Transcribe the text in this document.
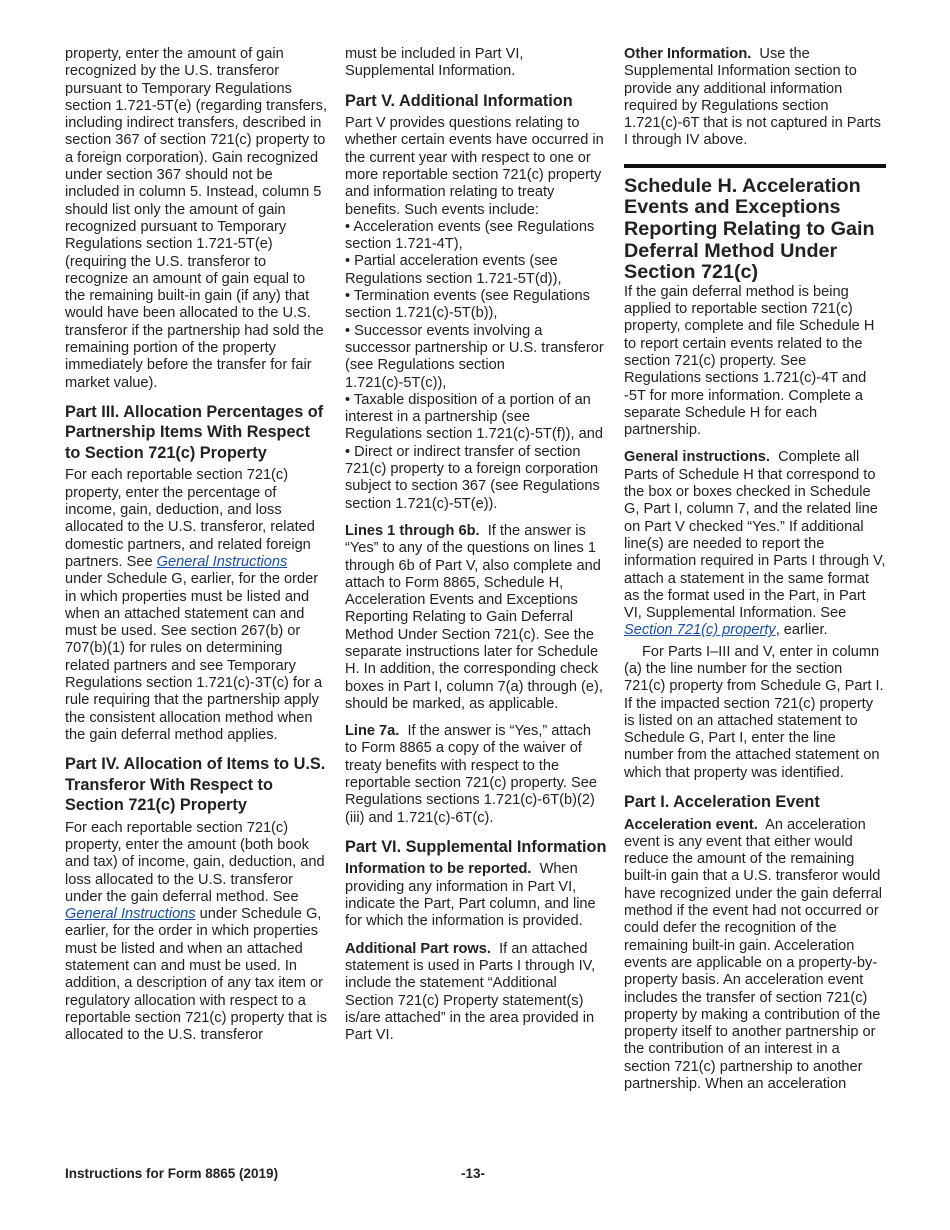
property, enter the amount of gain recognized by the U.S. transferor pursuant to Temporary Regulations section 1.721-5T(e) (regarding transfers, including indirect transfers, described in section 367 of section 721(c) property to a foreign corporation). Gain recognized under section 367 should not be included in column 5. Instead, column 5 should list only the amount of gain recognized pursuant to Temporary Regulations section 1.721-5T(e) (requiring the U.S. transferor to recognize an amount of gain equal to the remaining built-in gain (if any) that would have been allocated to the U.S. transferor if the partnership had sold the remaining portion of the property immediately before the transfer for fair market value).

Part III. Allocation Percentages of Partnership Items With Respect to Section 721(c) Property

For each reportable section 721(c) property, enter the percentage of income, gain, deduction, and loss allocated to the U.S. transferor, related domestic partners, and related foreign partners. See General Instructions under Schedule G, earlier, for the order in which properties must be listed and when an attached statement can and must be used. See section 267(b) or 707(b)(1) for rules on determining related partners and see Temporary Regulations section 1.721(c)-3T(c) for a rule requiring that the partnership apply the consistent allocation method when the gain deferral method applies.

Part IV. Allocation of Items to U.S. Transferor With Respect to Section 721(c) Property

For each reportable section 721(c) property, enter the amount (both book and tax) of income, gain, deduction, and loss allocated to the U.S. transferor under the gain deferral method. See General Instructions under Schedule G, earlier, for the order in which properties must be listed and when an attached statement can and must be used. In addition, a description of any tax item or regulatory allocation with respect to a reportable section 721(c) property that is allocated to the U.S. transferor

must be included in Part VI, Supplemental Information.

Part V. Additional Information

Part V provides questions relating to whether certain events have occurred in the current year with respect to one or more reportable section 721(c) property and information relating to treaty benefits. Such events include:

• Acceleration events (see Regulations section 1.721-4T),
• Partial acceleration events (see Regulations section 1.721-5T(d)),
• Termination events (see Regulations section 1.721(c)-5T(b)),
• Successor events involving a successor partnership or U.S. transferor (see Regulations section 1.721(c)-5T(c)),
• Taxable disposition of a portion of an interest in a partnership (see Regulations section 1.721(c)-5T(f)), and
• Direct or indirect transfer of section 721(c) property to a foreign corporation subject to section 367 (see Regulations section 1.721(c)-5T(e)).

Lines 1 through 6b. If the answer is “Yes” to any of the questions on lines 1 through 6b of Part V, also complete and attach to Form 8865, Schedule H, Acceleration Events and Exceptions Reporting Relating to Gain Deferral Method Under Section 721(c). See the separate instructions later for Schedule H. In addition, the corresponding check boxes in Part I, column 7(a) through (e), should be marked, as applicable.

Line 7a. If the answer is “Yes,” attach to Form 8865 a copy of the waiver of treaty benefits with respect to the reportable section 721(c) property. See Regulations sections 1.721(c)-6T(b)(2)(iii) and 1.721(c)-6T(c).

Part VI. Supplemental Information

Information to be reported. When providing any information in Part VI, indicate the Part, Part column, and line for which the information is provided.

Additional Part rows. If an attached statement is used in Parts I through IV, include the statement “Additional Section 721(c) Property statement(s) is/are attached” in the area provided in Part VI.

Other Information. Use the Supplemental Information section to provide any additional information required by Regulations section 1.721(c)-6T that is not captured in Parts I through IV above.

Schedule H. Acceleration Events and Exceptions Reporting Relating to Gain Deferral Method Under Section 721(c)

If the gain deferral method is being applied to reportable section 721(c) property, complete and file Schedule H to report certain events related to the section 721(c) property. See Regulations sections 1.721(c)-4T and -5T for more information. Complete a separate Schedule H for each partnership.

General instructions. Complete all Parts of Schedule H that correspond to the box or boxes checked in Schedule G, Part I, column 7, and the related line on Part V checked “Yes.” If additional line(s) are needed to report the information required in Parts I through V, attach a statement in the same format as the format used in the Part, in Part VI, Supplemental Information. See Section 721(c) property, earlier.

For Parts I–III and V, enter in column (a) the line number for the section 721(c) property from Schedule G, Part I. If the impacted section 721(c) property is listed on an attached statement to Schedule G, Part I, enter the line number from the attached statement on which that property was identified.

Part I. Acceleration Event

Acceleration event. An acceleration event is any event that either would reduce the amount of the remaining built-in gain that a U.S. transferor would have recognized under the gain deferral method if the event had not occurred or could defer the recognition of the remaining built-in gain. Acceleration events are applicable on a property-by-property basis. An acceleration event includes the transfer of section 721(c) property by making a contribution of the property itself to another partnership or the contribution of an interest in a section 721(c) partnership to another partnership. When an acceleration

Instructions for Form 8865 (2019)	-13-
